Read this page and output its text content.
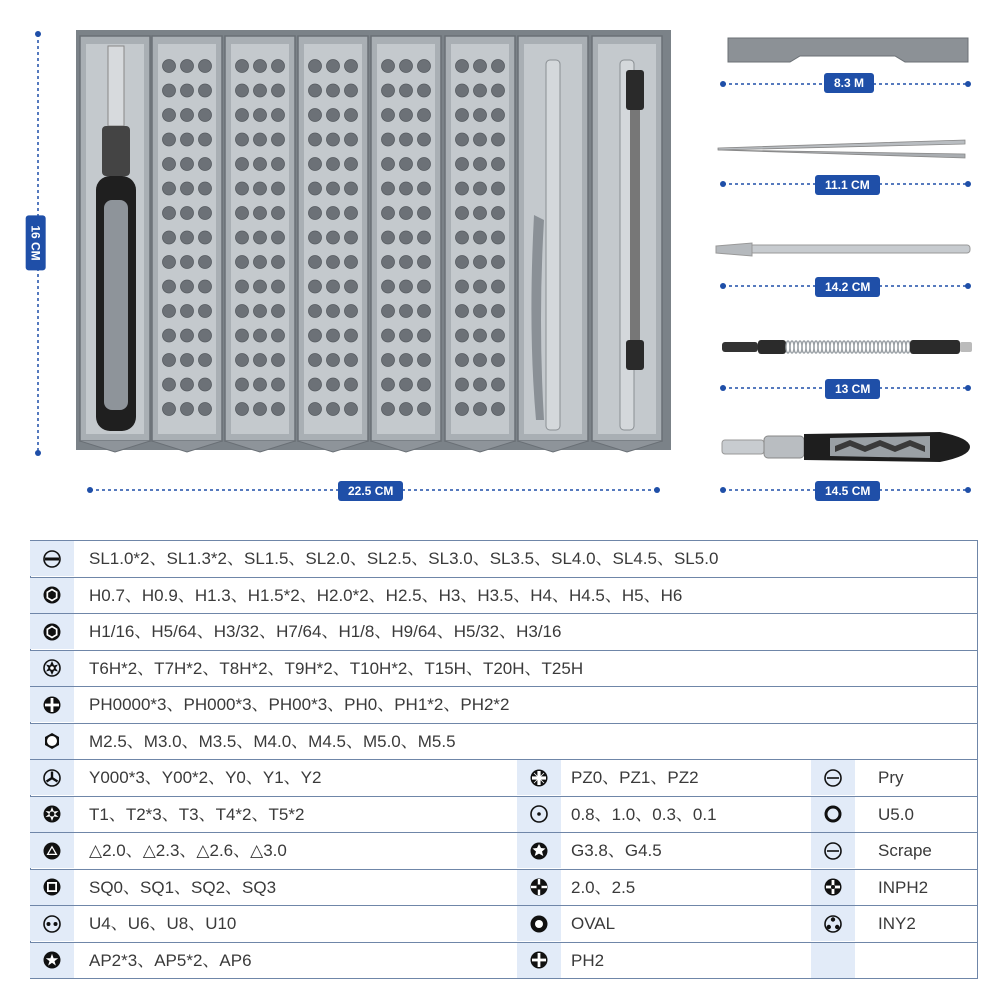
16 CM
22.5 CM
8.3 M
11.1 CM
14.2 CM
13 CM
14.5 CM
SL1.0*2、SL1.3*2、SL1.5、SL2.0、SL2.5、SL3.0、SL3.5、SL4.0、SL4.5、SL5.0
H0.7、H0.9、H1.3、H1.5*2、H2.0*2、H2.5、H3、H3.5、H4、H4.5、H5、H6
H1/16、H5/64、H3/32、H7/64、H1/8、H9/64、H5/32、H3/16
T6H*2、T7H*2、T8H*2、T9H*2、T10H*2、T15H、T20H、T25H
PH0000*3、PH000*3、PH00*3、PH0、PH1*2、PH2*2
M2.5、M3.0、M3.5、M4.0、M4.5、M5.0、M5.5
Y000*3、Y00*2、Y0、Y1、Y2	PZ0、PZ1、PZ2	Pry
T1、T2*3、T3、T4*2、T5*2	0.8、1.0、0.3、0.1	U5.0
△2.0、△2.3、△2.6、△3.0	G3.8、G4.5	Scrape
SQ0、SQ1、SQ2、SQ3	2.0、2.5	INPH2
U4、U6、U8、U10	OVAL	INY2
AP2*3、AP5*2、AP6	PH2
